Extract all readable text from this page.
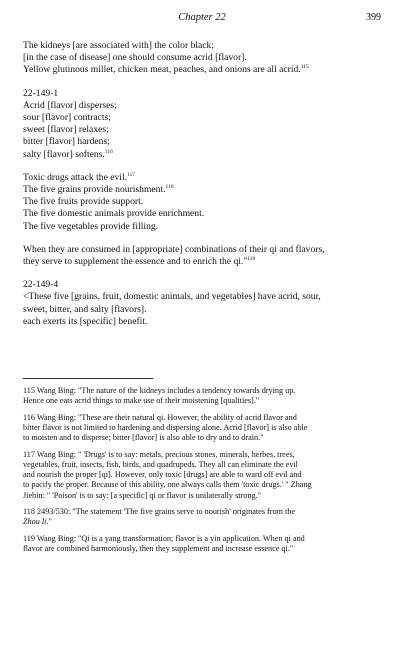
Chapter 22	399
The kidneys [are associated with] the color black;
[in the case of disease] one should consume acrid [flavor].
Yellow glutinous millet, chicken meat, peaches, and onions are all acrid.$^{115}$
22-149-1
Acrid [flavor] disperses;
sour [flavor] contracts;
sweet [flavor] relaxes;
bitter [flavor] hardens;
salty [flavor] softens.$^{116}$
Toxic drugs attack the evil.$^{117}$
The five grains provide nourishment.$^{118}$
The five fruits provide support.
The five domestic animals provide enrichment.
The five vegetables provide filling.
When they are consumed in [appropriate] combinations of their qi and flavors,
they serve to supplement the essence and to enrich the qi."$^{119}$
22-149-4
<These five [grains, fruit, domestic animals, and vegetables] have acrid, sour,
sweet, bitter, and salty [flavors].
each exerts its [specific] benefit.

115 Wang Bing: "The nature of the kidneys includes a tendency towards drying up.
Hence one eats acrid things to make use of their moistening [qualities]."

116 Wang Bing: "These are their natural qi. However, the ability of acrid flavor and
bitter flavor is not limited to hardening and dispersing alone. Acrid [flavor] is also able
to moisten and to disperse; bitter [flavor] is also able to dry and to drain."

117 Wang Bing: " 'Drugs' is to say: metals, precious stones, minerals, herbes, trees,
vegetables, fruit, insects, fish, birds, and quadrupeds. They all can eliminate the evil
and nourish the proper [qi]. However, only toxic [drugs] are able to ward off evil and
to pacify the proper. Because of this ability, one always calls them 'toxic drugs.' " Zhang
Jiebin: " 'Poison' is to say: [a specific] qi or flavor is unilaterally strong."

118 2493/530: "The statement 'The five grains serve to nourish' originates from the
Zhou li."

119 Wang Bing: "Qi is a yang transformation; flavor is a yin application. When qi and
flavor are combined harmoniously, then they supplement and increase essence qi."
